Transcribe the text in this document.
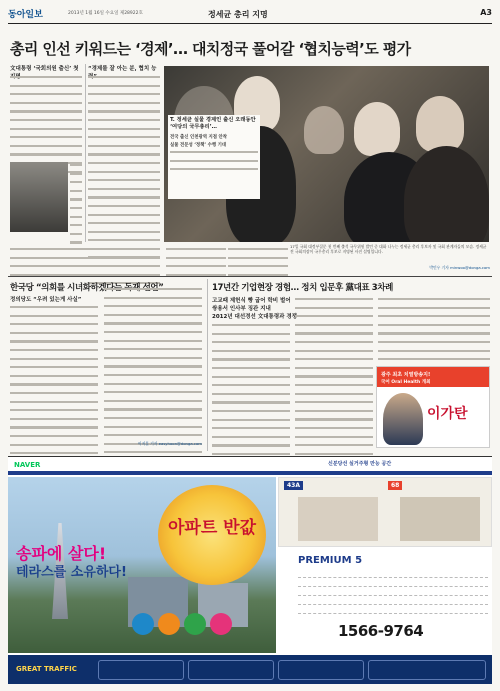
동아일보	2013년 1월 16일 수요일 제28922호	정세균 총리 지명	A3
총리 인선 키워드는 ‘경제’… 대치정국 풀어갈 ‘협치능력’도 평가
文대통령 ‘국회의원 출신’ 첫 지명
“경제를 잘 아는 분, 협치 능력”
T. 정세균 실물 경제인 출신 오래동안 ‘여당의 국무총리’…
전국 출신 인천광역 지점 안착
실물 전문성 ‘정책’ 수행 기대
17일 국회 대정부질문 첫 번째 출석 국무위원 발언 중 대화 나누는 정세균 총리 후보자 및 국회 관계자들의 모습. 정세균 전 국회의장이 국무총리 후보로 지명된 사진 설명입니다.
박민우 기자 minwoo@donga.com
한국당 “의회를 시녀화하겠다는 독재 선언”
정의당도 “우려 있는게 사실”
이지훈 기자 easyhoon@donga.com
17년간 기업현장 경험… 정치 입문후 黨대표 3차례
고교때 제헌식 빵 굽어 학비 벌어
쌍용서 인사부 징관 지내
2012년 대선경선 文대통령과 경쟁
광주 최초 치열방송지!
국어 Oral Health 개최
이가탄
NAVER	신분당선 실거주형 만능 공간
송파에 살다!
테라스를 소유하다!
아파트 반값
43A	68
PREMIUM 5
1566-9764
GREAT TRAFFIC
